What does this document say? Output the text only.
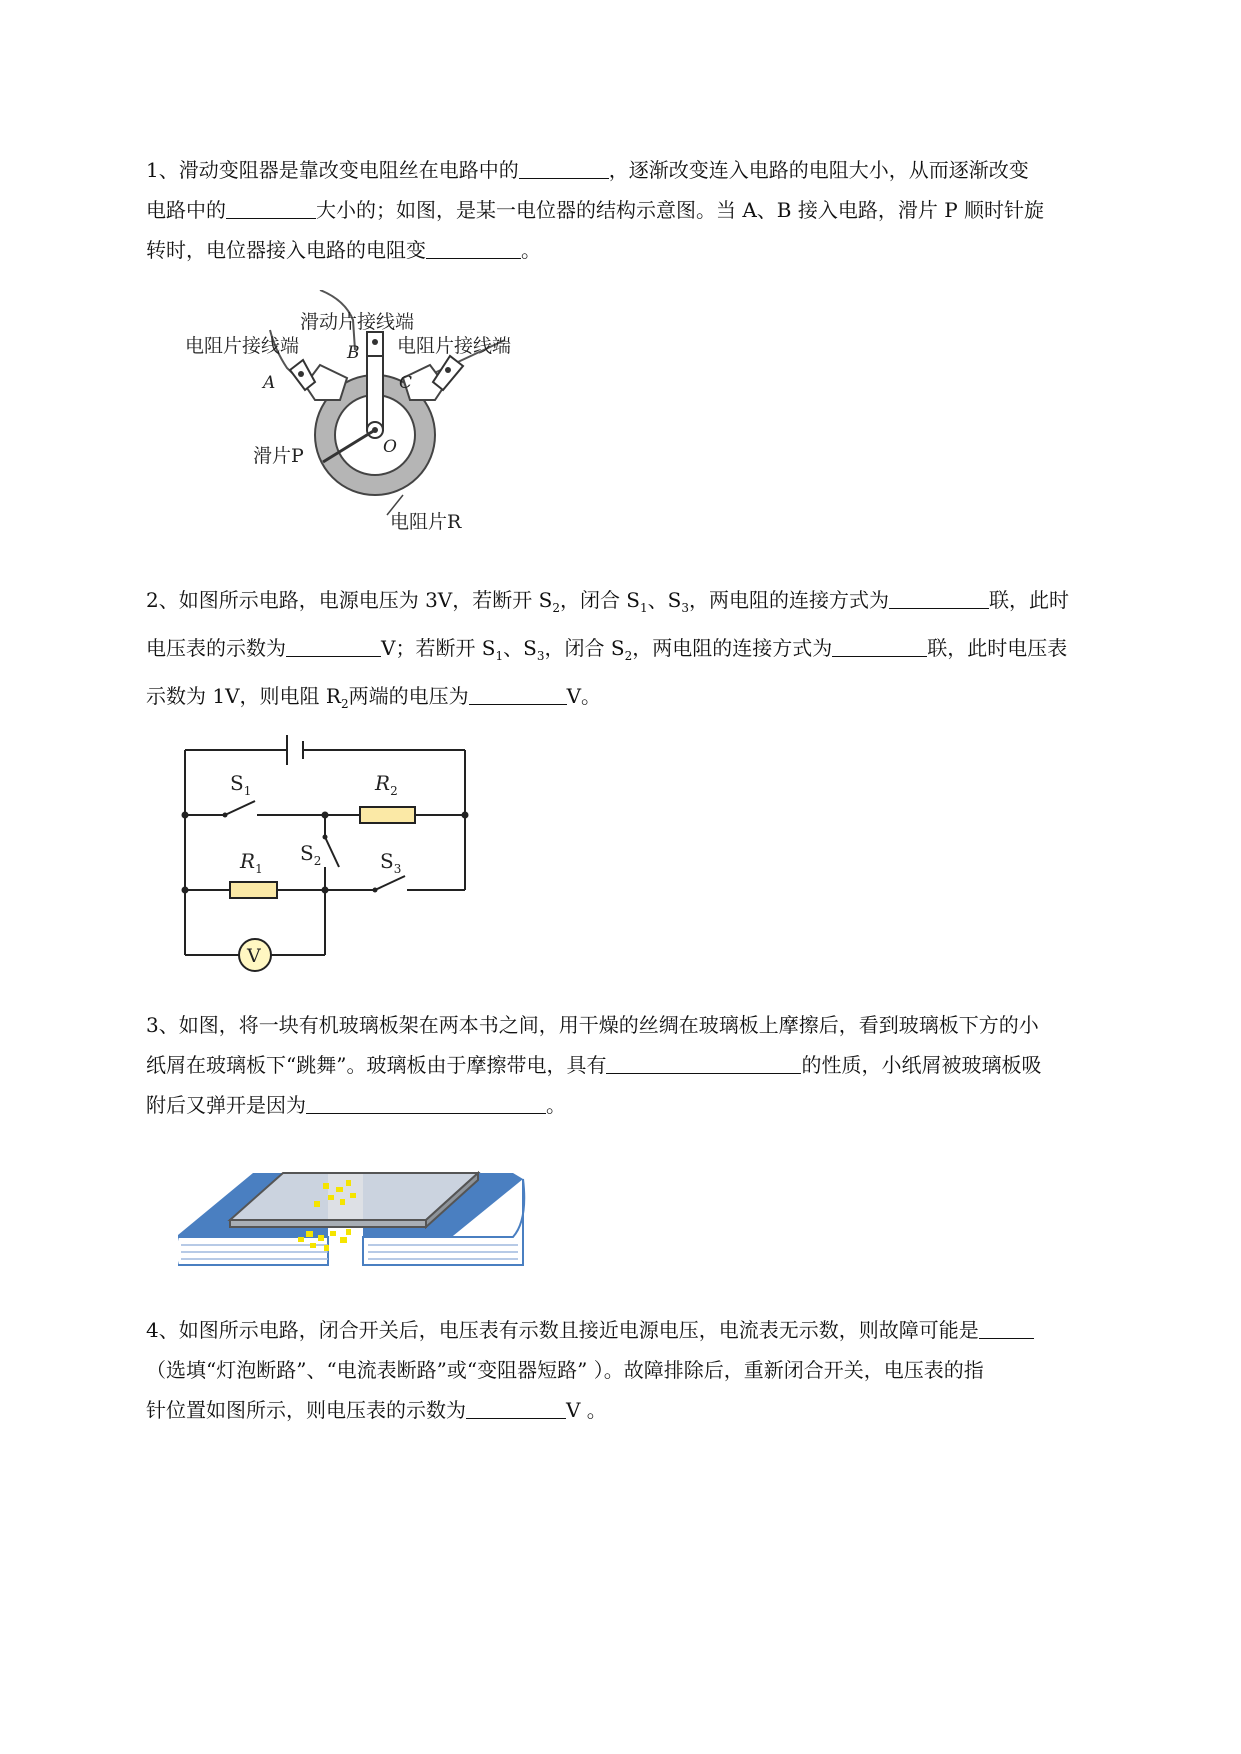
1、滑动变阻器是靠改变电阻丝在电路中的	，逐渐改变连入电路的电阻大小，从而逐渐改变
电路中的	大小的；如图，是某一电位器的结构示意图。当 A、B 接入电路，滑片 P 顺时针旋
转时，电位器接入电路的电阻变	。
滑动片接线端
电阻片接线端	电阻片接线端
A
B
C
O
滑片P
电阻片R
2、如图所示电路，电源电压为 3V，若断开 $S_2$，闭合 $S_1$、$S_3$，两电阻的连接方式为	联，此时
电压表的示数为	V；若断开 $S_1$、$S_3$，闭合 $S_2$，两电阻的连接方式为	联，此时电压表
示数为 1V，则电阻 $R_2$两端的电压为	V。
V
$S_1$	$R_2$
$S_2$
$R_1$	$S_3$
3、如图，将一块有机玻璃板架在两本书之间，用干燥的丝绸在玻璃板上摩擦后，看到玻璃板下方的小
纸屑在玻璃板下“跳舞”。玻璃板由于摩擦带电，具有	的性质，小纸屑被玻璃板吸
附后又弹开是因为	。
4、如图所示电路，闭合开关后，电压表有示数且接近电源电压，电流表无示数，则故障可能是
（选填“灯泡断路”、“电流表断路”或“变阻器短路” ）。故障排除后，重新闭合开关，电压表的指
针位置如图所示，则电压表的示数为	V 。
